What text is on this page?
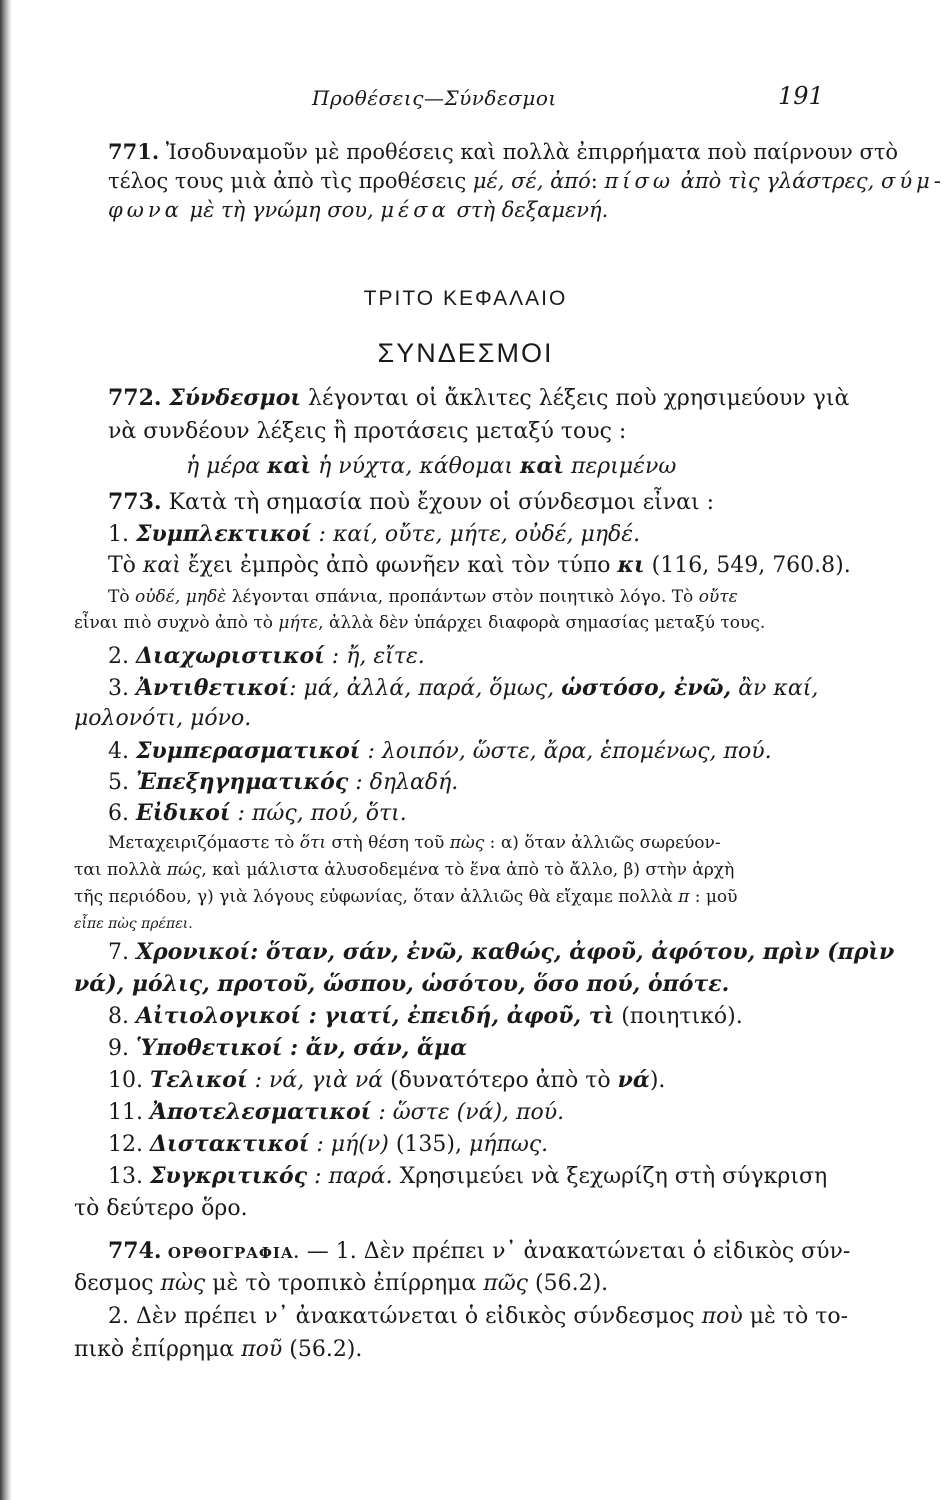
Προθέσεις—Σύνδεσμοι	191
771. Ἰσοδυναμοῦν μὲ προθέσεις καὶ πολλὰ ἐπιρρήματα ποὺ παίρνουν στὸ
τέλος τους μιὰ ἀπὸ τὶς προθέσεις μέ, σέ, ἀπό: πίσω ἀπὸ τὶς γλάστρες, σύμ-
φωνα μὲ τὴ γνώμη σου, μέσα στὴ δεξαμενή.
ΤΡΙΤΟ ΚΕΦΑΛΑΙΟ
ΣΥΝΔΕΣΜΟΙ
772. Σύνδεσμοι λέγονται οἱ ἄκλιτες λέξεις ποὺ χρησιμεύουν γιὰ
νὰ συνδέουν λέξεις ἢ προτάσεις μεταξύ τους :
ἡ μέρα καὶ ἡ νύχτα, κάθομαι καὶ περιμένω
773. Κατὰ τὴ σημασία ποὺ ἔχουν οἱ σύνδεσμοι εἶναι :
1. Συμπλεκτικοί : καί, οὔτε, μήτε, οὐδέ, μηδέ.
Τὸ καὶ ἔχει ἐμπρὸς ἀπὸ φωνῆεν καὶ τὸν τύπο κι (116, 549, 760.8).
Τὸ οὐδέ, μηδὲ λέγονται σπάνια, προπάντων στὸν ποιητικὸ λόγο. Τὸ οὔτε
εἶναι πιὸ συχνὸ ἀπὸ τὸ μήτε, ἀλλὰ δὲν ὑπάρχει διαφορὰ σημασίας μεταξύ τους.
2. Διαχωριστικοί : ἤ, εἴτε.
3. Ἀντιθετικοί: μά, ἀλλά, παρά, ὅμως, ὡστόσο, ἐνῶ, ἂν καί,
μολονότι, μόνο.
4. Συμπερασματικοί : λοιπόν, ὥστε, ἄρα, ἑπομένως, πού.
5. Ἐπεξηγηματικός : δηλαδή.
6. Εἰδικοί : πώς, πού, ὅτι.
Μεταχειριζόμαστε τὸ ὅτι στὴ θέση τοῦ πὼς : α) ὅταν ἀλλιῶς σωρεύον-
ται πολλὰ πώς, καὶ μάλιστα ἀλυσοδεμένα τὸ ἕνα ἀπὸ τὸ ἄλλο, β) στὴν ἀρχὴ
τῆς περιόδου, γ) γιὰ λόγους εὐφωνίας, ὅταν ἀλλιῶς θὰ εἴχαμε πολλὰ π : μοῦ
εἶπε πὼς πρέπει.
7. Χρονικοί: ὅταν, σάν, ἐνῶ, καθώς, ἀφοῦ, ἀφότου, πρὶν (πρὶν
νά), μόλις, προτοῦ, ὥσπου, ὡσότου, ὅσο πού, ὁπότε.
8. Αἰτιολογικοί : γιατί, ἐπειδή, ἀφοῦ, τὶ (ποιητικό).
9. Ὑποθετικοί : ἄν, σάν, ἅμα
10. Τελικοί : νά, γιὰ νά (δυνατότερο ἀπὸ τὸ νά).
11. Ἀποτελεσματικοί : ὥστε (νά), πού.
12. Διστακτικοί : μή(ν) (135), μήπως.
13. Συγκριτικός : παρά. Χρησιμεύει νὰ ξεχωρίζη στὴ σύγκριση
τὸ δεύτερο ὅρο.
774. ΟΡΘΟΓΡΑΦΙΑ. — 1. Δὲν πρέπει ν᾿ ἀνακατώνεται ὁ εἰδικὸς σύν-
δεσμος πὼς μὲ τὸ τροπικὸ ἐπίρρημα πῶς (56.2).
2. Δὲν πρέπει ν᾿ ἀνακατώνεται ὁ εἰδικὸς σύνδεσμος ποὺ μὲ τὸ το-
πικὸ ἐπίρρημα ποῦ (56.2).
